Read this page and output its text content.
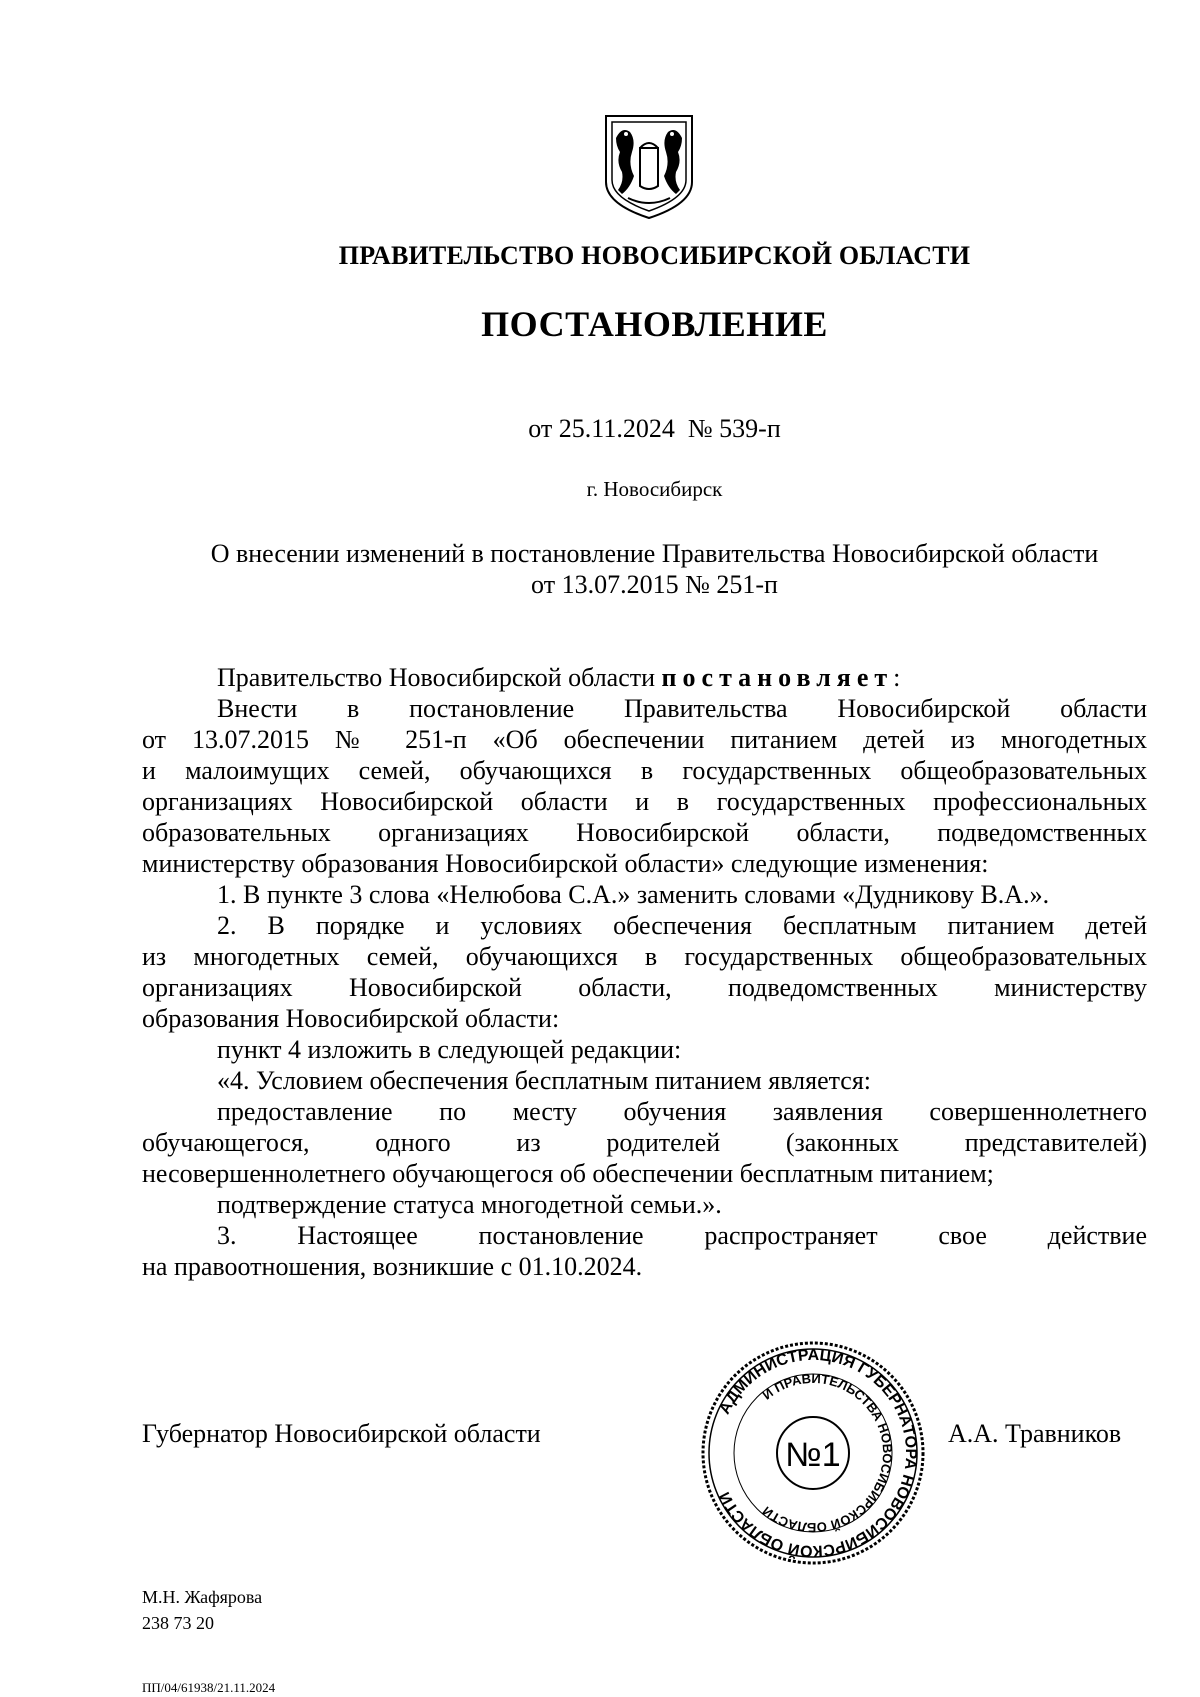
ПРАВИТЕЛЬСТВО НОВОСИБИРСКОЙ ОБЛАСТИ
ПОСТАНОВЛЕНИЕ
от 25.11.2024 № 539-п
г. Новосибирск
О внесении изменений в постановление Правительства Новосибирской области
от 13.07.2015 № 251-п
Правительство Новосибирской области постановляет:
Внести в постановление Правительства Новосибирской области
от 13.07.2015 № 251-п «Об обеспечении питанием детей из многодетных
и малоимущих семей, обучающихся в государственных общеобразовательных
организациях Новосибирской области и в государственных профессиональных
образовательных организациях Новосибирской области, подведомственных
министерству образования Новосибирской области» следующие изменения:
1. В пункте 3 слова «Нелюбова С.А.» заменить словами «Дудникову В.А.».
2. В порядке и условиях обеспечения бесплатным питанием детей
из многодетных семей, обучающихся в государственных общеобразовательных
организациях Новосибирской области, подведомственных министерству
образования Новосибирской области:
пункт 4 изложить в следующей редакции:
«4. Условием обеспечения бесплатным питанием является:
предоставление по месту обучения заявления совершеннолетнего
обучающегося, одного из родителей (законных представителей)
несовершеннолетнего обучающегося об обеспечении бесплатным питанием;
подтверждение статуса многодетной семьи.».
3. Настоящее постановление распространяет свое действие
на правоотношения, возникшие с 01.10.2024.
Губернатор Новосибирской области
АДМИНИСТРАЦИЯ ГУБЕРНАТОРА НОВОСИБИРСКОЙ ОБЛАСТИ
И ПРАВИТЕЛЬСТВА НОВОСИБИРСКОЙ ОБЛАСТИ
№1
А.А. Травников
М.Н. Жафярова
238 73 20
ПП/04/61938/21.11.2024
